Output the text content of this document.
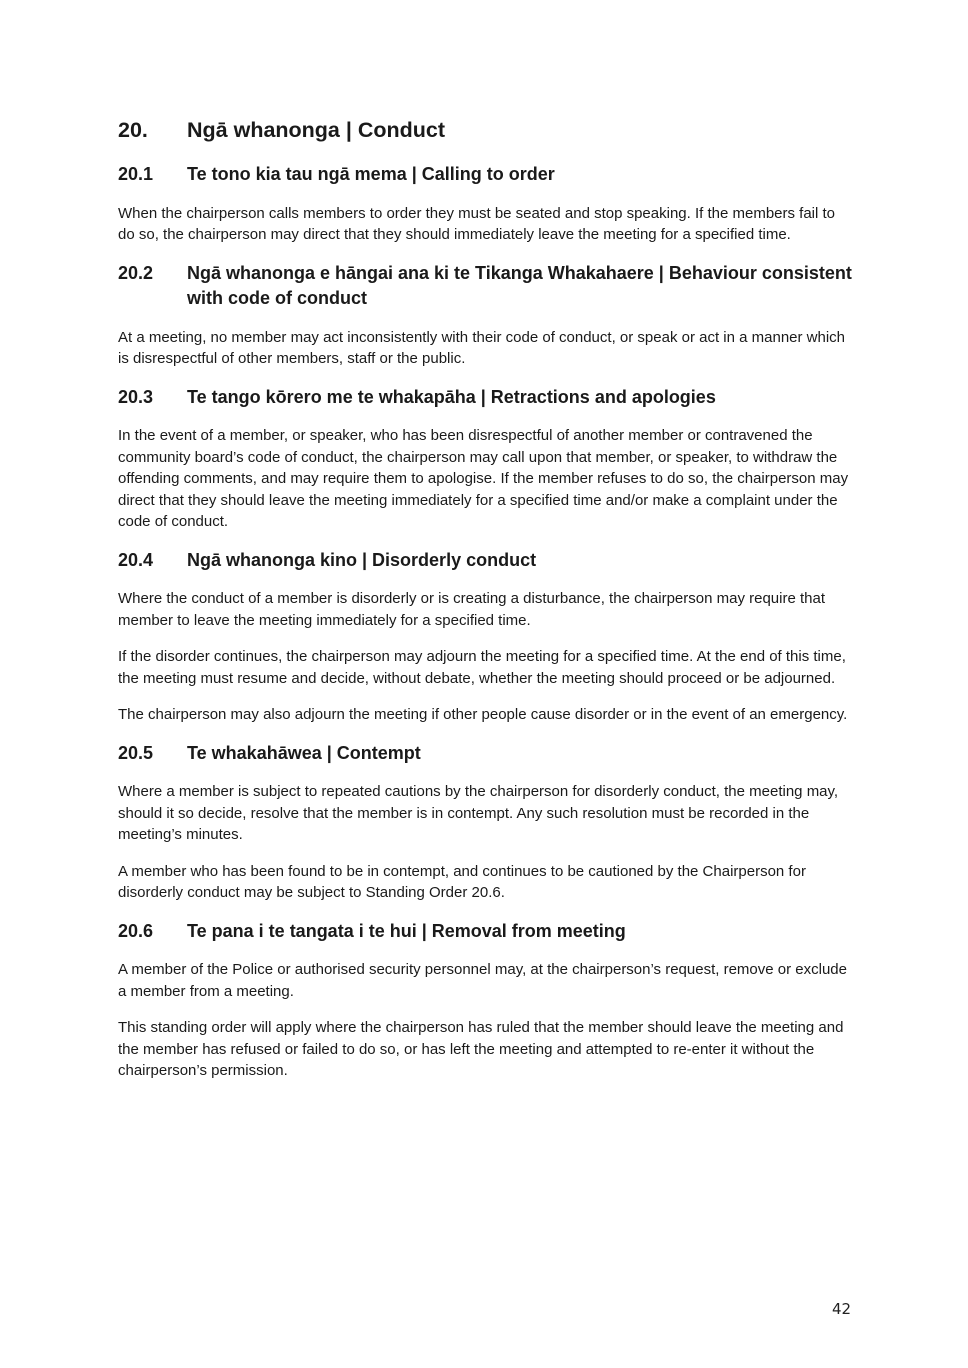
20.	Ngā whanonga | Conduct
20.1	Te tono kia tau ngā mema | Calling to order

When the chairperson calls members to order they must be seated and stop speaking. If the members fail to do so, the chairperson may direct that they should immediately leave the meeting for a specified time.

20.2	Ngā whanonga e hāngai ana ki te Tikanga Whakahaere | Behaviour consistent with code of conduct

At a meeting, no member may act inconsistently with their code of conduct, or speak or act in a manner which is disrespectful of other members, staff or the public.

20.3	Te tango kōrero me te whakapāha | Retractions and apologies

In the event of a member, or speaker, who has been disrespectful of another member or contravened the community board’s code of conduct, the chairperson may call upon that member, or speaker, to withdraw the offending comments, and may require them to apologise. If the member refuses to do so, the chairperson may direct that they should leave the meeting immediately for a specified time and/or make a complaint under the code of conduct.

20.4	Ngā whanonga kino | Disorderly conduct

Where the conduct of a member is disorderly or is creating a disturbance, the chairperson may require that member to leave the meeting immediately for a specified time.

If the disorder continues, the chairperson may adjourn the meeting for a specified time. At the end of this time, the meeting must resume and decide, without debate, whether the meeting should proceed or be adjourned.

The chairperson may also adjourn the meeting if other people cause disorder or in the event of an emergency.

20.5	Te whakahāwea | Contempt

Where a member is subject to repeated cautions by the chairperson for disorderly conduct, the meeting may, should it so decide, resolve that the member is in contempt. Any such resolution must be recorded in the meeting’s minutes.

A member who has been found to be in contempt, and continues to be cautioned by the Chairperson for disorderly conduct may be subject to Standing Order 20.6.

20.6	Te pana i te tangata i te hui | Removal from meeting

A member of the Police or authorised security personnel may, at the chairperson’s request, remove or exclude a member from a meeting.

This standing order will apply where the chairperson has ruled that the member should leave the meeting and the member has refused or failed to do so, or has left the meeting and attempted to re-enter it without the chairperson’s permission.

42
